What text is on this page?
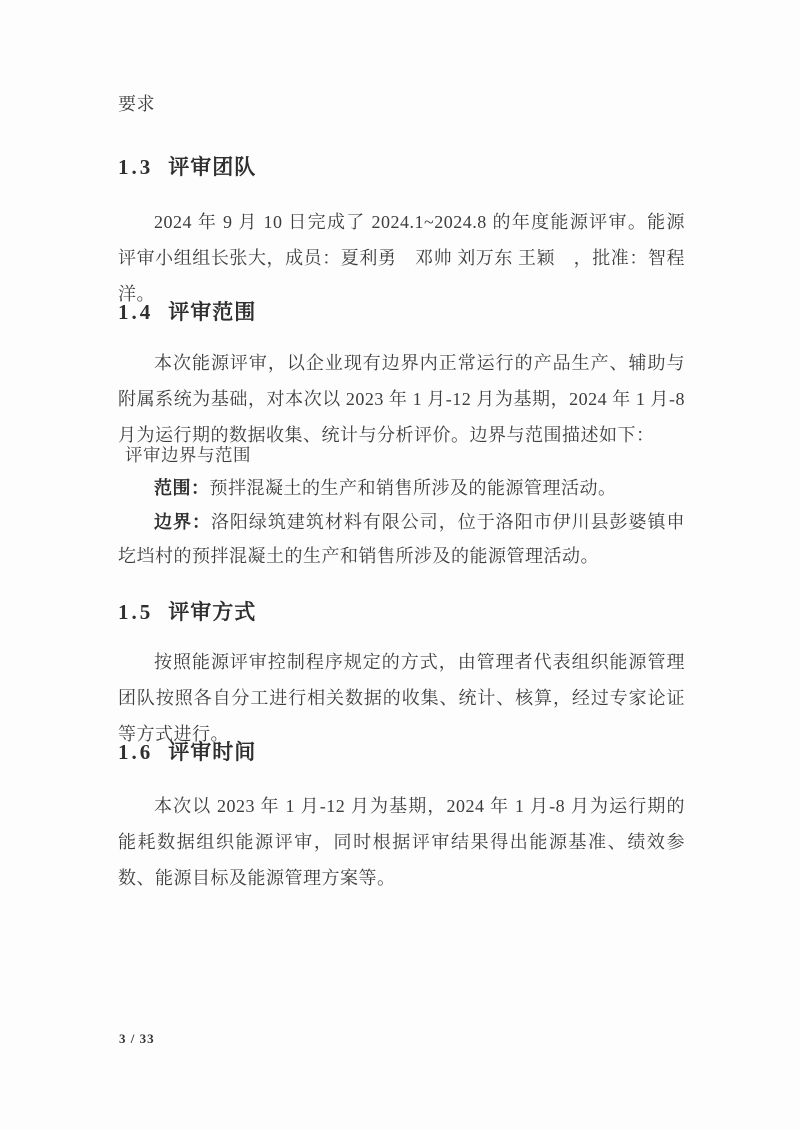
要求
1.3 评审团队
2024 年 9 月 10 日完成了 2024.1~2024.8 的年度能源评审。能源评审小组组长张大，成员：夏利勇　邓帅 刘万东 王颖　，批准：智程洋。
1.4 评审范围
本次能源评审，以企业现有边界内正常运行的产品生产、辅助与附属系统为基础，对本次以 2023 年 1 月-12 月为基期，2024 年 1 月-8 月为运行期的数据收集、统计与分析评价。边界与范围描述如下：
评审边界与范围
范围：预拌混凝土的生产和销售所涉及的能源管理活动。
边界：洛阳绿筑建筑材料有限公司，位于洛阳市伊川县彭婆镇申圪垱村的预拌混凝土的生产和销售所涉及的能源管理活动。
1.5 评审方式
按照能源评审控制程序规定的方式，由管理者代表组织能源管理团队按照各自分工进行相关数据的收集、统计、核算，经过专家论证等方式进行。
1.6 评审时间
本次以 2023 年 1 月-12 月为基期，2024 年 1 月-8 月为运行期的能耗数据组织能源评审，同时根据评审结果得出能源基准、绩效参数、能源目标及能源管理方案等。
3 / 33
